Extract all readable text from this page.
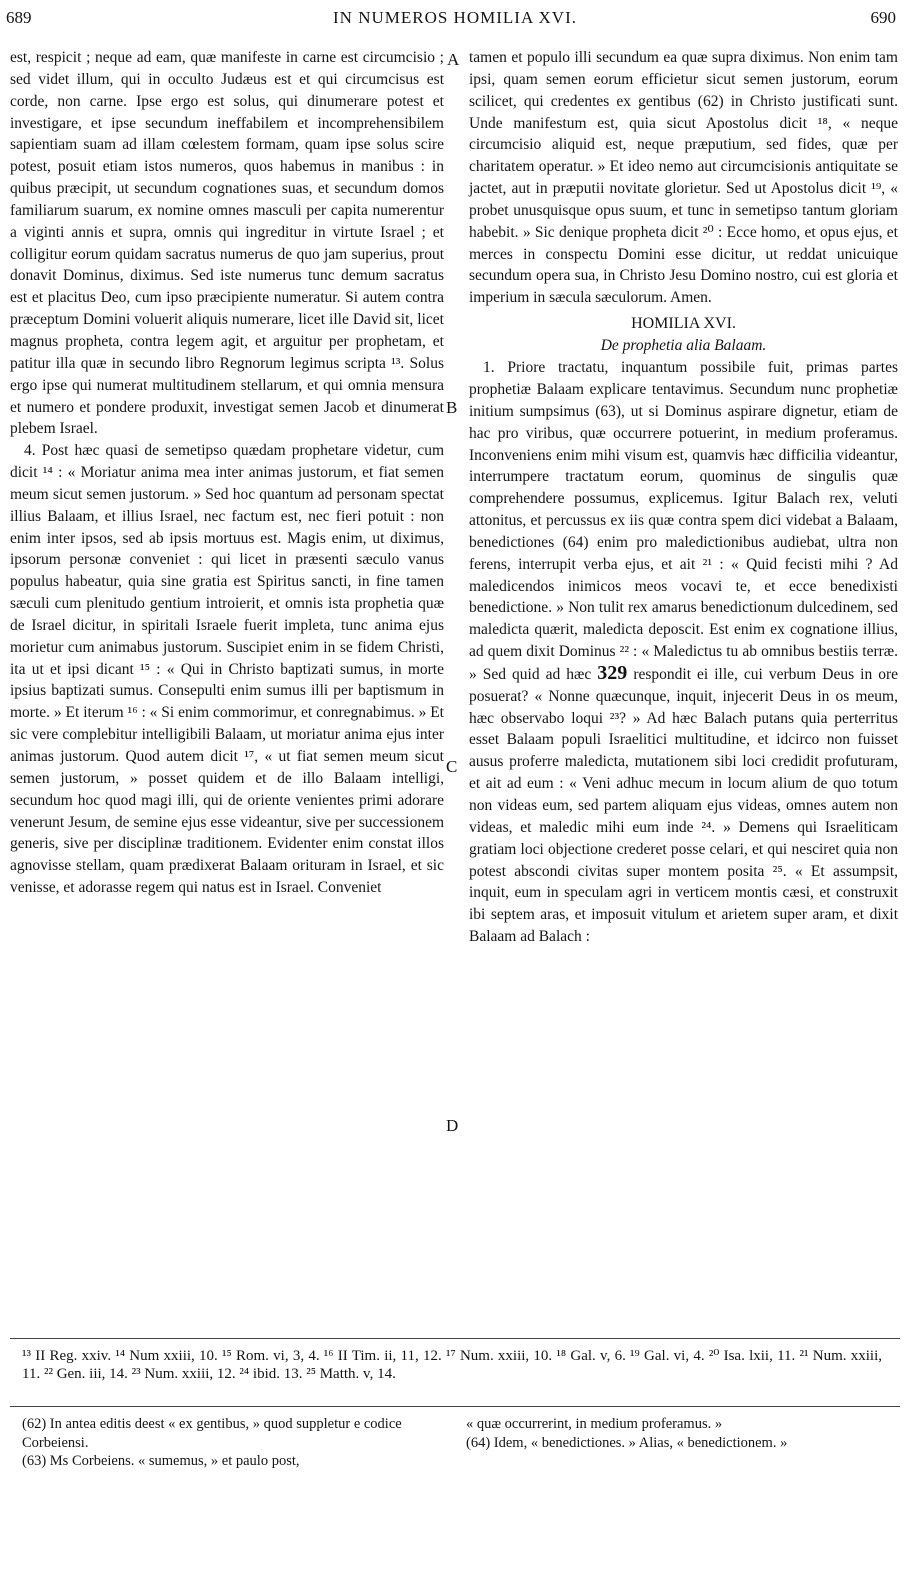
689	IN NUMEROS HOMILIA XVI.	690

est, respicit ; neque ad eam, quæ manifeste in carne est circumcisio ; sed videt illum, qui in occulto Judæus est et qui circumcisus est corde, non carne. Ipse ergo est solus, qui dinumerare potest et investigare, et ipse secundum ineffabilem et incomprehensibilem sapientiam suam ad illam cœlestem formam, quam ipse solus scire potest, posuit etiam istos numeros, quos habemus in manibus : in quibus præcipit, ut secundum cognationes suas, et secundum domos familiarum suarum, ex nomine omnes masculi per capita numerentur a viginti annis et supra, omnis qui ingreditur in virtute Israel ; et colligitur eorum quidam sacratus numerus de quo jam superius, prout donavit Dominus, diximus. Sed iste numerus tunc demum sacratus est et placitus Deo, cum ipso præcipiente numeratur. Si autem contra præceptum Domini voluerit aliquis numerare, licet ille David sit, licet magnus propheta, contra legem agit, et arguitur per prophetam, et patitur illa quæ in secundo libro Regnorum legimus scripta ¹³. Solus ergo ipse qui numerat multitudinem stellarum, et qui omnia mensura et numero et pondere produxit, investigat semen Jacob et dinumerat plebem Israel.

4. Post hæc quasi de semetipso quædam prophetare videtur, cum dicit ¹⁴ : « Moriatur anima mea inter animas justorum, et fiat semen meum sicut semen justorum. » Sed hoc quantum ad personam spectat illius Balaam, et illius Israel, nec factum est, nec fieri potuit : non enim inter ipsos, sed ab ipsis mortuus est. Magis enim, ut diximus, ipsorum personæ conveniet : qui licet in præsenti sæculo vanus populus habeatur, quia sine gratia est Spiritus sancti, in fine tamen sæculi cum plenitudo gentium introierit, et omnis ista prophetia quæ de Israel dicitur, in spiritali Israele fuerit impleta, tunc anima ejus morietur cum animabus justorum. Suscipiet enim in se fidem Christi, ita ut et ipsi dicant ¹⁵ : « Qui in Christo baptizati sumus, in morte ipsius baptizati sumus. Consepulti enim sumus illi per baptismum in morte. » Et iterum ¹⁶ : « Si enim commorimur, et conregnabimus. » Et sic vere complebitur intelligibili Balaam, ut moriatur anima ejus inter animas justorum. Quod autem dicit ¹⁷, « ut fiat semen meum sicut semen justorum, » posset quidem et de illo Balaam intelligi, secundum hoc quod magi illi, qui de oriente venientes primi adorare venerunt Jesum, de semine ejus esse videantur, sive per successionem generis, sive per disciplinæ traditionem. Evidenter enim constat illos agnovisse stellam, quam prædixerat Balaam orituram in Israel, et sic venisse, et adorasse regem qui natus est in Israel. Conveniet

A
B
C
D

tamen et populo illi secundum ea quæ supra diximus. Non enim tam ipsi, quam semen eorum efficietur sicut semen justorum, eorum scilicet, qui credentes ex gentibus (62) in Christo justificati sunt. Unde manifestum est, quia sicut Apostolus dicit ¹⁸, « neque circumcisio aliquid est, neque præputium, sed fides, quæ per charitatem operatur. » Et ideo nemo aut circumcisionis antiquitate se jactet, aut in præputii novitate glorietur. Sed ut Apostolus dicit ¹⁹, « probet unusquisque opus suum, et tunc in semetipso tantum gloriam habebit. » Sic denique propheta dicit ²⁰ : Ecce homo, et opus ejus, et merces in conspectu Domini esse dicitur, ut reddat unicuique secundum opera sua, in Christo Jesu Domino nostro, cui est gloria et imperium in sæcula sæculorum. Amen.

HOMILIA XVI.
De prophetia alia Balaam.

1. Priore tractatu, inquantum possibile fuit, primas partes prophetiæ Balaam explicare tentavimus. Secundum nunc prophetiæ initium sumpsimus (63), ut si Dominus aspirare dignetur, etiam de hac pro viribus, quæ occurrere potuerint, in medium proferamus. Inconveniens enim mihi visum est, quamvis hæc difficilia videantur, interrumpere tractatum eorum, quominus de singulis quæ comprehendere possumus, explicemus. Igitur Balach rex, veluti attonitus, et percussus ex iis quæ contra spem dici videbat a Balaam, benedictiones (64) enim pro maledictionibus audiebat, ultra non ferens, interrupit verba ejus, et ait ²¹ : « Quid fecisti mihi ? Ad maledicendos inimicos meos vocavi te, et ecce benedixisti benedictione. » Non tulit rex amarus benedictionum dulcedinem, sed maledicta quærit, maledicta deposcit. Est enim ex cognatione illius, ad quem dixit Dominus ²² : « Maledictus tu ab omnibus bestiis terræ. » Sed quid ad hæc 329 respondit ei ille, cui verbum Deus in ore posuerat? « Nonne quæcunque, inquit, injecerit Deus in os meum, hæc observabo loqui ²³? » Ad hæc Balach putans quia perterritus esset Balaam populi Israelitici multitudine, et idcirco non fuisset ausus proferre maledicta, mutationem sibi loci credidit profuturam, et ait ad eum : « Veni adhuc mecum in locum alium de quo totum non videas eum, sed partem aliquam ejus videas, omnes autem non videas, et maledic mihi eum inde ²⁴. » Demens qui Israeliticam gratiam loci objectione crederet posse celari, et qui nesciret quia non potest abscondi civitas super montem posita ²⁵. « Et assumpsit, inquit, eum in speculam agri in verticem montis cæsi, et construxit ibi septem aras, et imposuit vitulum et arietem super aram, et dixit Balaam ad Balach :

¹³ II Reg. xxiv. ¹⁴ Num xxiii, 10. ¹⁵ Rom. vi, 3, 4. ¹⁶ II Tim. ii, 11, 12. ¹⁷ Num. xxiii, 10. ¹⁸ Gal. v, 6. ¹⁹ Gal. vi, 4. ²⁰ Isa. lxii, 11. ²¹ Num. xxiii, 11. ²² Gen. iii, 14. ²³ Num. xxiii, 12. ²⁴ ibid. 13. ²⁵ Matth. v, 14.

(62) In antea editis deest « ex gentibus, » quod suppletur e codice Corbeiensi.

(63) Ms Corbeiens. « sumemus, » et paulo post,

« quæ occurrerint, in medium proferamus. »

(64) Idem, « benedictiones. » Alias, « benedictionem. »
